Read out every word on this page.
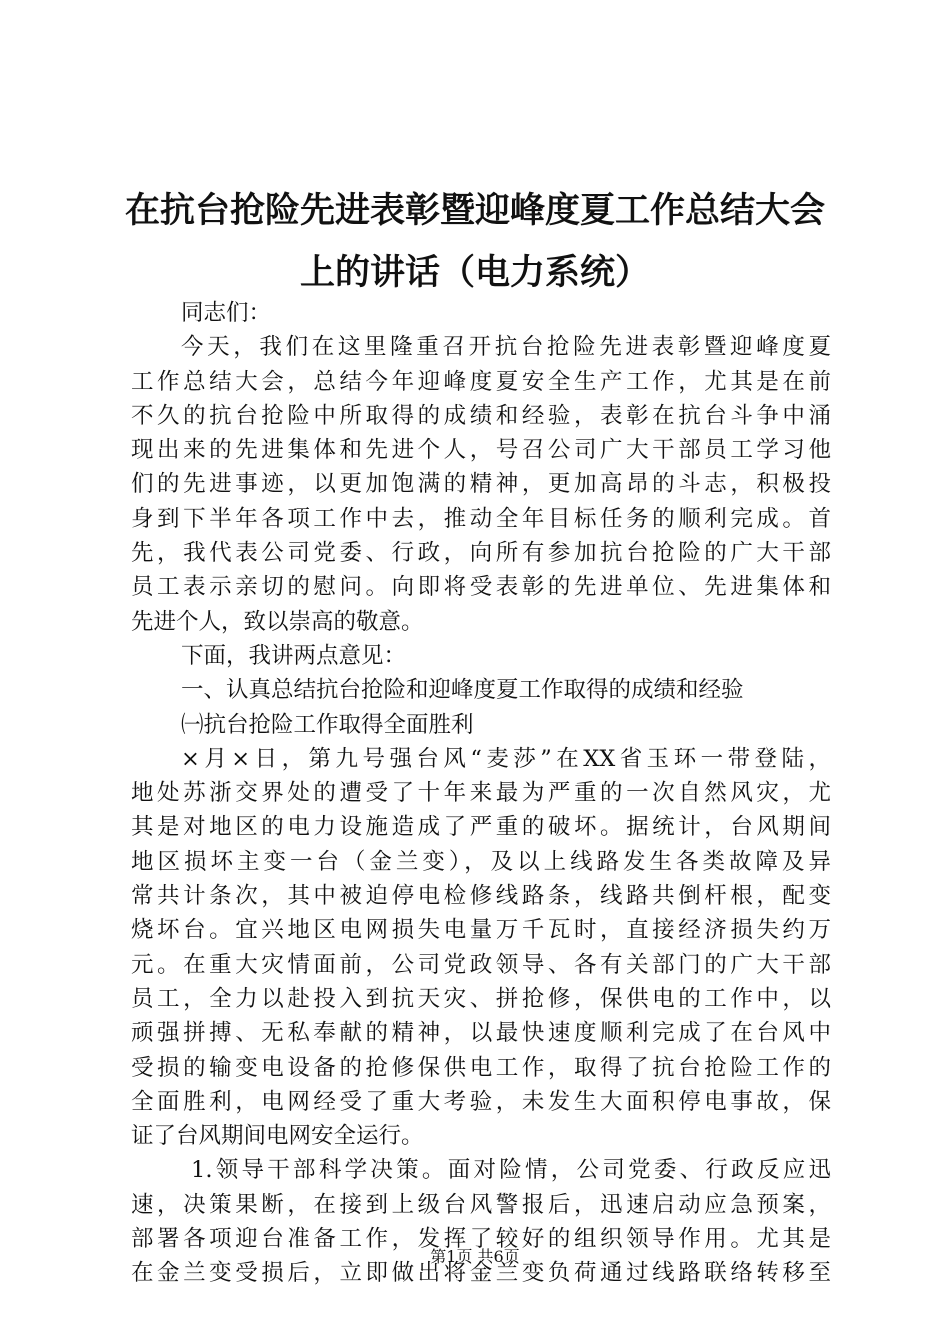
在抗台抢险先进表彰暨迎峰度夏工作总结大会
上的讲话（电力系统）
同志们：
今天，我们在这里隆重召开抗台抢险先进表彰暨迎峰度夏
工作总结大会，总结今年迎峰度夏安全生产工作，尤其是在前
不久的抗台抢险中所取得的成绩和经验，表彰在抗台斗争中涌
现出来的先进集体和先进个人，号召公司广大干部员工学习他
们的先进事迹，以更加饱满的精神，更加高昂的斗志，积极投
身到下半年各项工作中去，推动全年目标任务的顺利完成。首
先，我代表公司党委、行政，向所有参加抗台抢险的广大干部
员工表示亲切的慰问。向即将受表彰的先进单位、先进集体和
先进个人，致以崇高的敬意。
下面，我讲两点意见：
一、认真总结抗台抢险和迎峰度夏工作取得的成绩和经验
㈠抗台抢险工作取得全面胜利
×月×日，第九号强台风“麦莎”在XX省玉环一带登陆，
地处苏浙交界处的遭受了十年来最为严重的一次自然风灾，尤
其是对地区的电力设施造成了严重的破坏。据统计，台风期间
地区损坏主变一台（金兰变），及以上线路发生各类故障及异
常共计条次，其中被迫停电检修线路条，线路共倒杆根，配变
烧坏台。宜兴地区电网损失电量万千瓦时，直接经济损失约万
元。在重大灾情面前，公司党政领导、各有关部门的广大干部
员工，全力以赴投入到抗天灾、拼抢修，保供电的工作中，以
顽强拼搏、无私奉献的精神，以最快速度顺利完成了在台风中
受损的输变电设备的抢修保供电工作，取得了抗台抢险工作的
全面胜利，电网经受了重大考验，未发生大面积停电事故，保
证了台风期间电网安全运行。
1.领导干部科学决策。面对险情，公司党委、行政反应迅
速，决策果断，在接到上级台风警报后，迅速启动应急预案，
部署各项迎台准备工作，发挥了较好的组织领导作用。尤其是
在金兰变受损后，立即做出将金兰变负荷通过线路联络转移至
第1页 共6页
